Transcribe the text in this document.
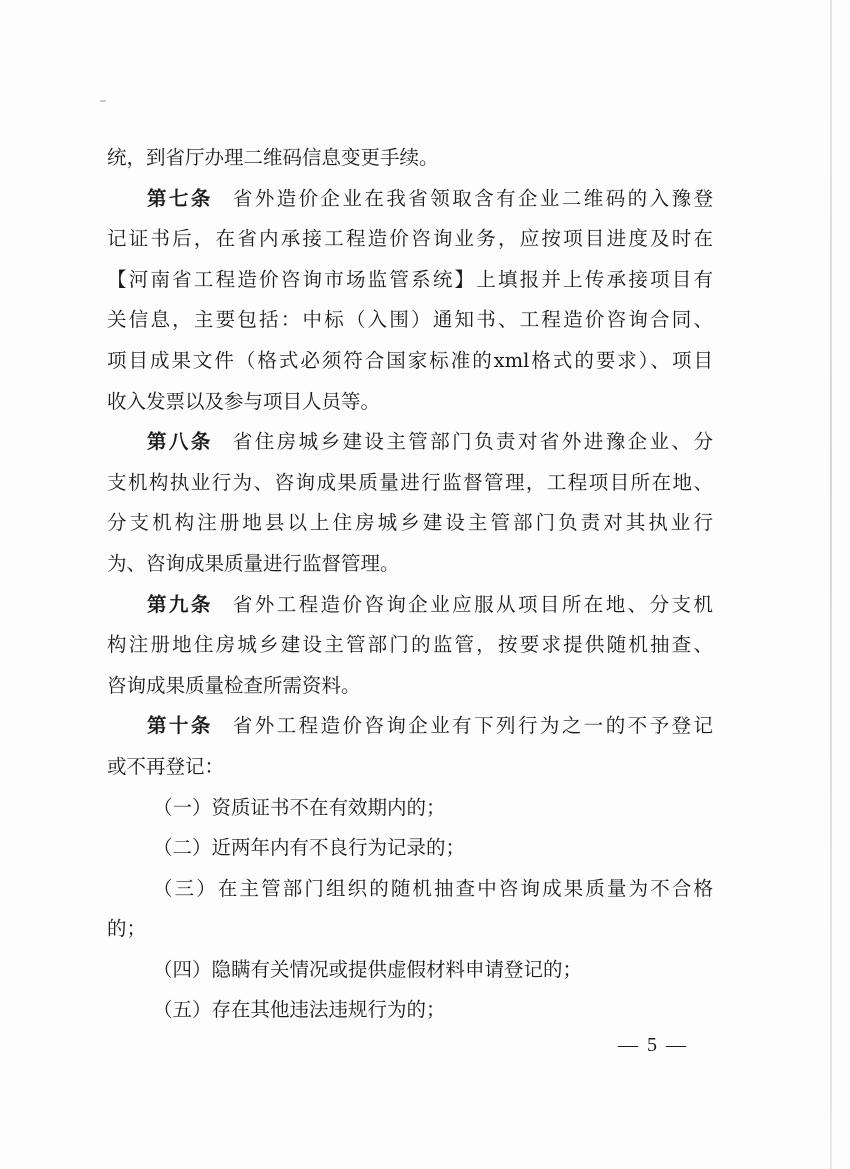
统，到省厅办理二维码信息变更手续。
第七条 省外造价企业在我省领取含有企业二维码的入豫登
记证书后，在省内承接工程造价咨询业务，应按项目进度及时在
【河南省工程造价咨询市场监管系统】上填报并上传承接项目有
关信息，主要包括：中标（入围）通知书、工程造价咨询合同、
项目成果文件（格式必须符合国家标准的xml格式的要求）、项目
收入发票以及参与项目人员等。
第八条 省住房城乡建设主管部门负责对省外进豫企业、分
支机构执业行为、咨询成果质量进行监督管理，工程项目所在地、
分支机构注册地县以上住房城乡建设主管部门负责对其执业行
为、咨询成果质量进行监督管理。
第九条 省外工程造价咨询企业应服从项目所在地、分支机
构注册地住房城乡建设主管部门的监管，按要求提供随机抽查、
咨询成果质量检查所需资料。
第十条 省外工程造价咨询企业有下列行为之一的不予登记
或不再登记：
（一）资质证书不在有效期内的；
（二）近两年内有不良行为记录的；
（三）在主管部门组织的随机抽查中咨询成果质量为不合格
的；
（四）隐瞒有关情况或提供虚假材料申请登记的；
（五）存在其他违法违规行为的；
— 5 —
